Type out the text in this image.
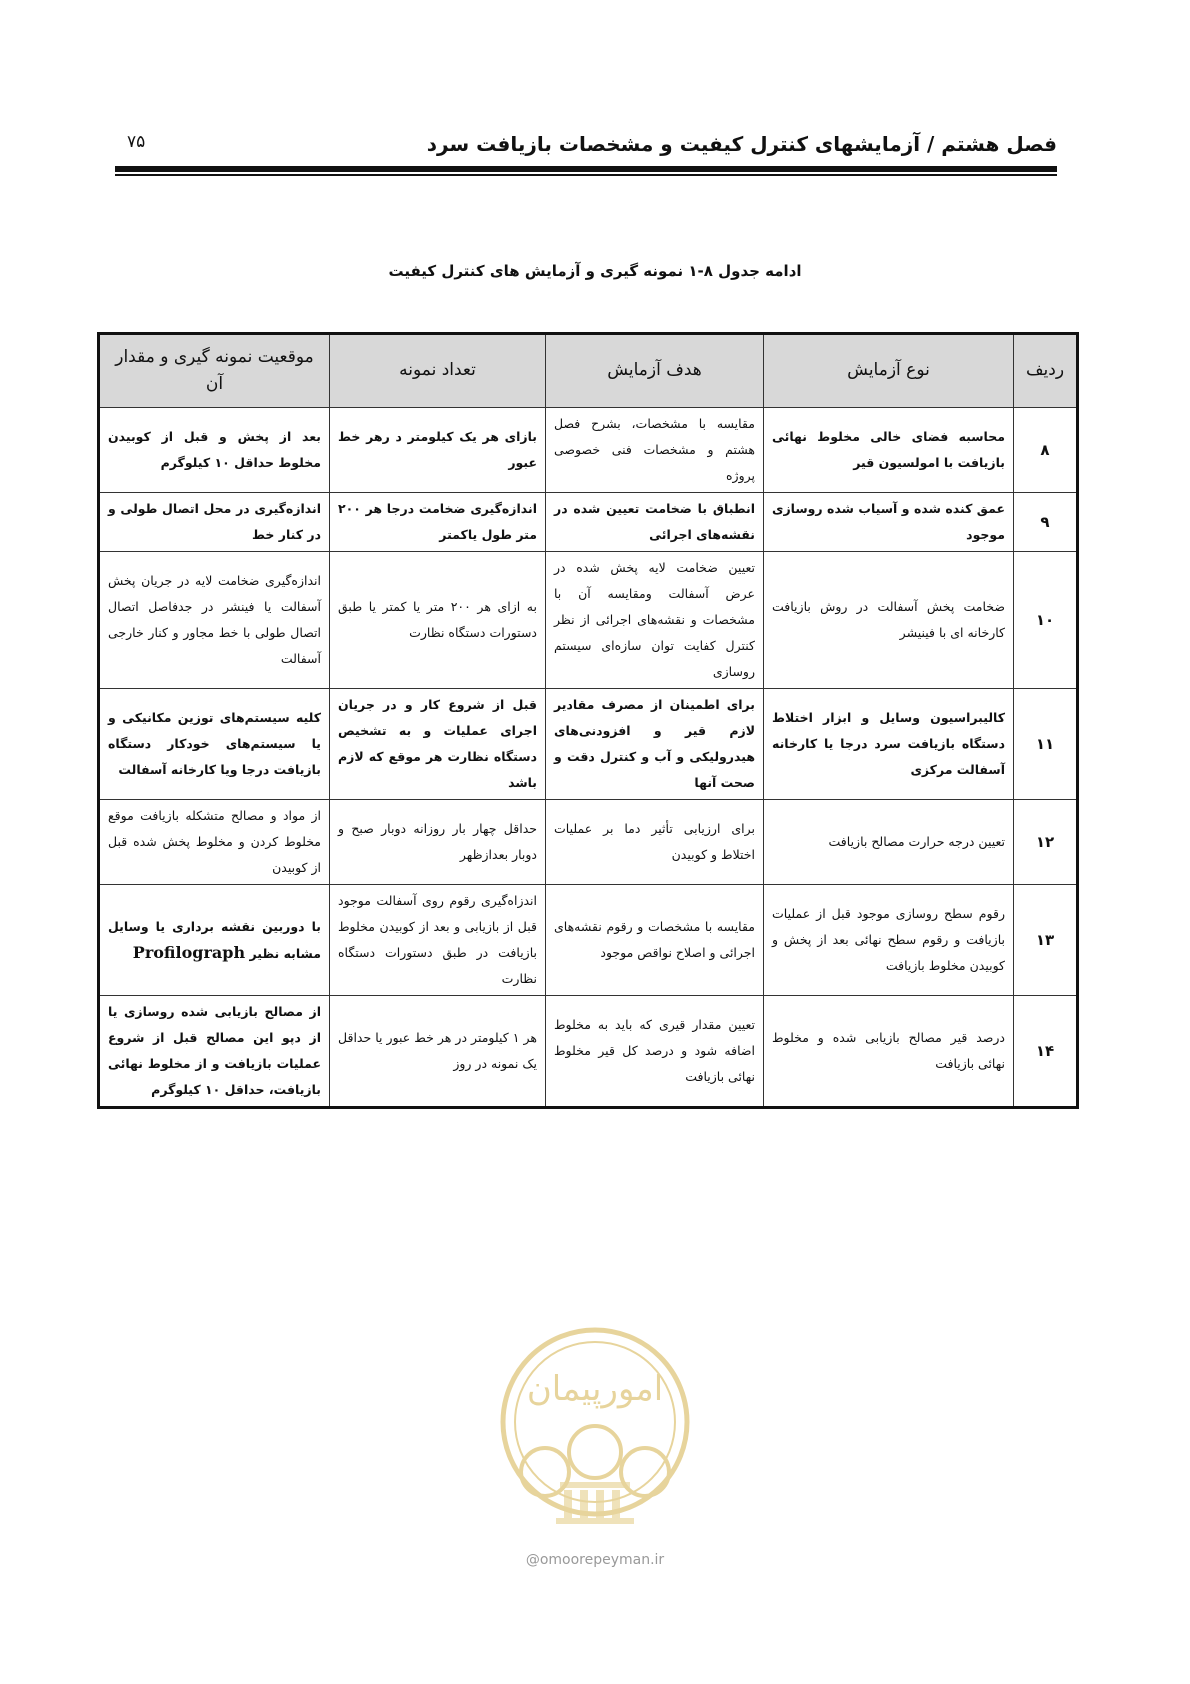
فصل هشتم / آزمایشهای کنترل کیفیت و مشخصات بازیافت سرد
۷۵
ادامه جدول ۸-۱ نمونه گیری و آزمایش های کنترل کیفیت
ردیف	نوع آزمایش	هدف آزمایش	تعداد نمونه	موقعیت نمونه گیری و مقدار آن
۸	محاسبه فضای خالی مخلوط نهائی بازیافت با امولسیون قیر	مقایسه با مشخصات، بشرح فصل هشتم و مشخصات فنی خصوصی پروژه	بازای هر یک کیلومتر د رهر خط عبور	بعد از پخش و قبل از کوبیدن مخلوط حداقل ۱۰ کیلوگرم
۹	عمق کنده شده و آسیاب شده روسازی موجود	انطباق با ضخامت تعیین شده در نقشه‌های اجرائی	اندازه‌گیری ضخامت درجا هر ۲۰۰ متر طول یاکمتر	اندازه‌گیری در محل اتصال طولی و در کنار خط
۱۰	ضخامت پخش آسفالت در روش بازیافت کارخانه ای با فینیشر	تعیین ضخامت لایه پخش شده در عرض آسفالت ومقایسه آن با مشخصات و نقشه‌های اجرائی از نظر کنترل کفایت توان سازه‌ای سیستم روسازی	به ازای هر ۲۰۰ متر یا کمتر یا طبق دستورات دستگاه نظارت	اندازه‌گیری ضخامت لایه در جریان پخش آسفالت یا فینشر در جدفاصل اتصال اتصال طولی با خط مجاور و کنار خارجی آسفالت
۱۱	کالیبراسیون وسایل و ابزار اختلاط دستگاه بازیافت سرد درجا یا کارخانه آسفالت مرکزی	برای اطمینان از مصرف مقادیر لازم قیر و افزودنی‌های هیدرولیکی و آب و کنترل دقت و صحت آنها	قبل از شروع کار و در جریان اجرای عملیات و به تشخیص دستگاه نظارت هر موقع که لازم باشد	کلیه سیستم‌های توزین مکانیکی و یا سیستم‌های خودکار دستگاه بازیافت درجا ویا کارخانه آسفالت
۱۲	تعیین درجه حرارت مصالح بازیافت	برای ارزیابی تأثیر دما بر عملیات اختلاط و کوبیدن	حداقل چهار بار روزانه دوبار صبح و دوبار بعدازظهر	از مواد و مصالح متشکله بازیافت موقع مخلوط کردن و مخلوط پخش شده قبل از کوبیدن
۱۳	رقوم سطح روسازی موجود قبل از عملیات بازیافت و رقوم سطح نهائی بعد از پخش و کوبیدن مخلوط بازیافت	مقایسه با مشخصات و رقوم نقشه‌های اجرائی و اصلاح نواقص موجود	اندزاه‌گیری رقوم روی آسفالت موجود قبل از بازیابی و بعد از کوبیدن مخلوط بازیافت در طبق دستورات دستگاه نظارت	با دوربین نقشه برداری یا وسایل مشابه نظیر Profilograph
۱۴	درصد قیر مصالح بازیابی شده و مخلوط نهائی بازیافت	تعیین مقدار قیری که باید به مخلوط اضافه شود و درصد کل قیر مخلوط نهائی بازیافت	هر ۱ کیلومتر در هر خط عبور یا حداقل یک نمونه در روز	از مصالح بازیابی شده روسازی یا از دپو این مصالح قبل از شروع عملیات بازیافت و از مخلوط نهائی بازیافت، حداقل ۱۰ کیلوگرم
امورپیمان
@omoorepeyman.ir
